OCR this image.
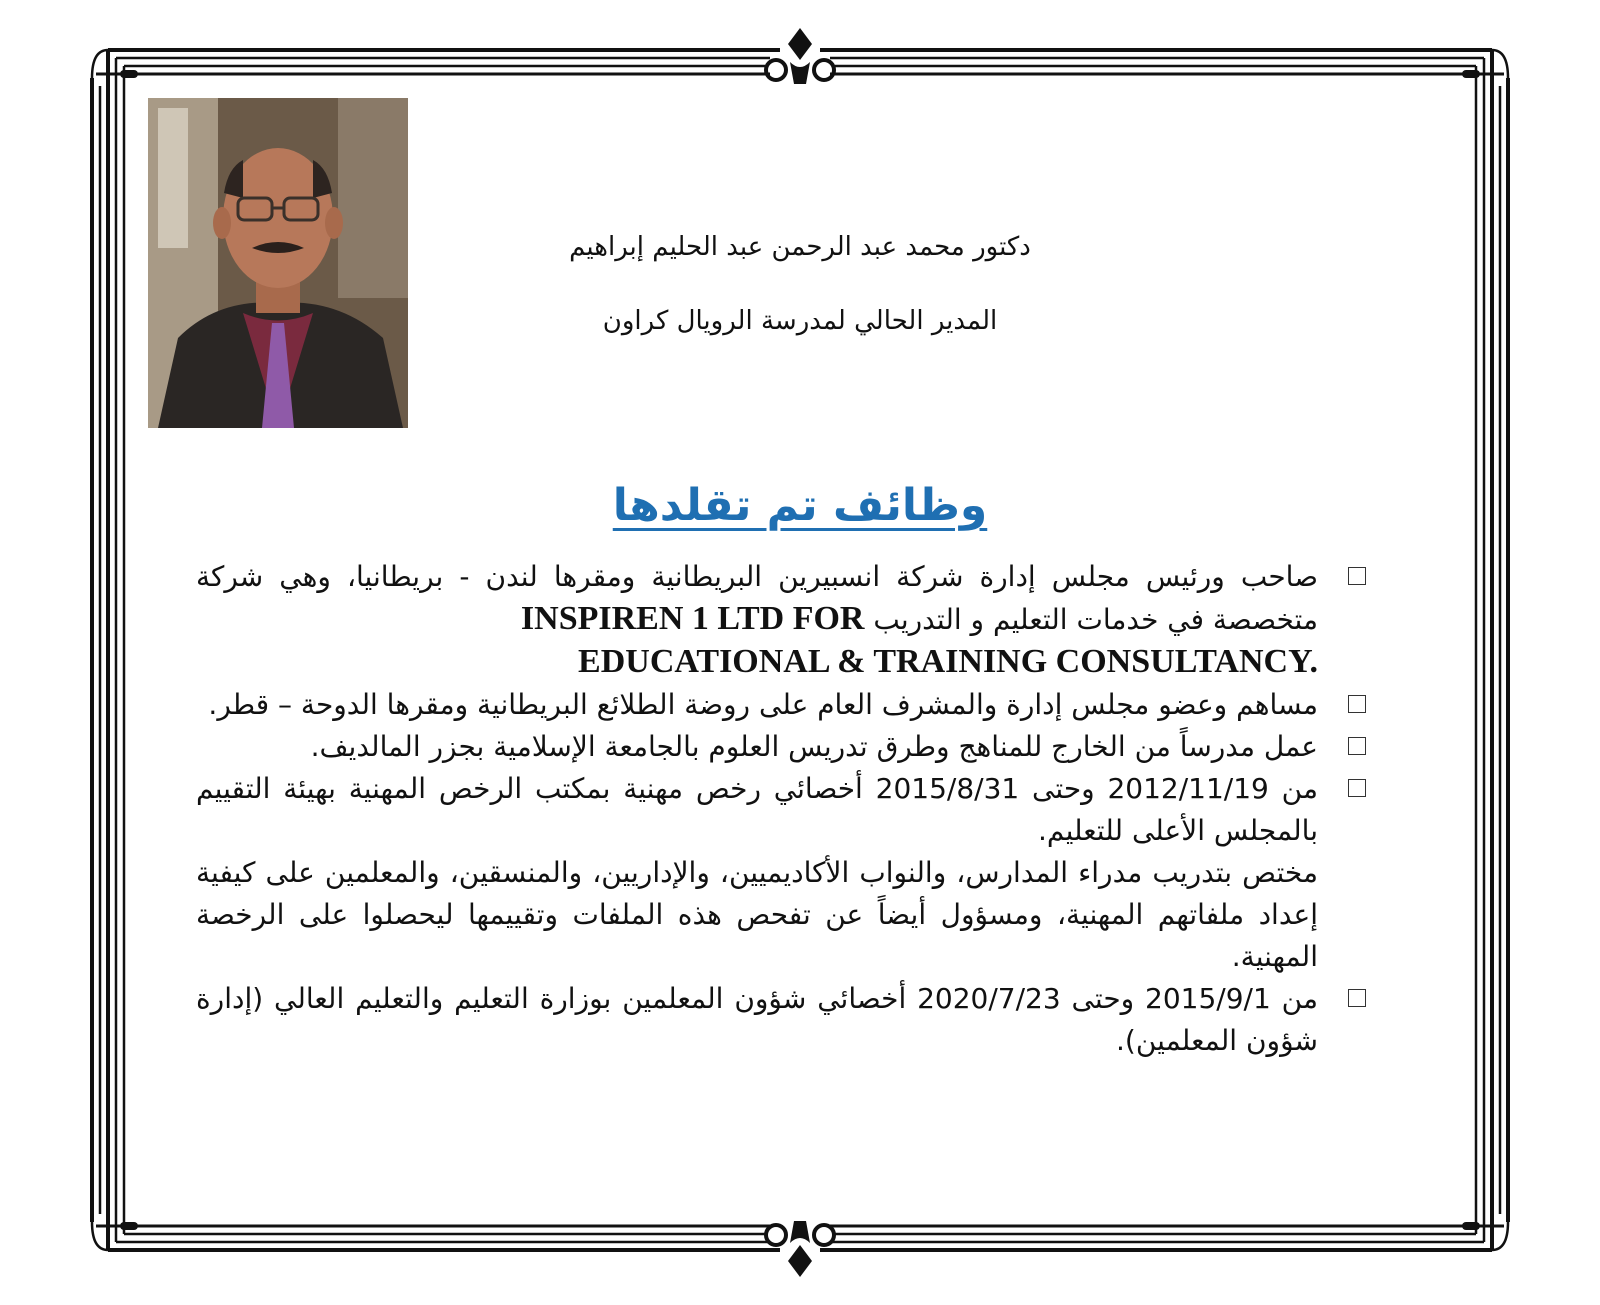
دكتور محمد عبد الرحمن عبد الحليم إبراهيم
المدير الحالي لمدرسة الرويال كراون
وظائف تم تقلدها

صاحب ورئيس مجلس إدارة شركة انسبيرين البريطانية ومقرها لندن - بريطانيا، وهي شركة متخصصة في خدمات التعليم و التدريب INSPIREN 1 LTD FOR
EDUCATIONAL & TRAINING CONSULTANCY.

مساهم وعضو مجلس إدارة والمشرف العام على روضة الطلائع البريطانية ومقرها الدوحة – قطر.

عمل مدرساً من الخارج للمناهج وطرق تدريس العلوم بالجامعة الإسلامية بجزر المالديف.

من 2012/11/19 وحتى 2015/8/31 أخصائي رخص مهنية بمكتب الرخص المهنية بهيئة التقييم بالمجلس الأعلى للتعليم.

مختص بتدريب مدراء المدارس، والنواب الأكاديميين، والإداريين، والمنسقين، والمعلمين على كيفية إعداد ملفاتهم المهنية، ومسؤول أيضاً عن تفحص هذه الملفات وتقييمها ليحصلوا على الرخصة المهنية.

من 2015/9/1 وحتى 2020/7/23 أخصائي شؤون المعلمين بوزارة التعليم والتعليم العالي (إدارة شؤون المعلمين).
